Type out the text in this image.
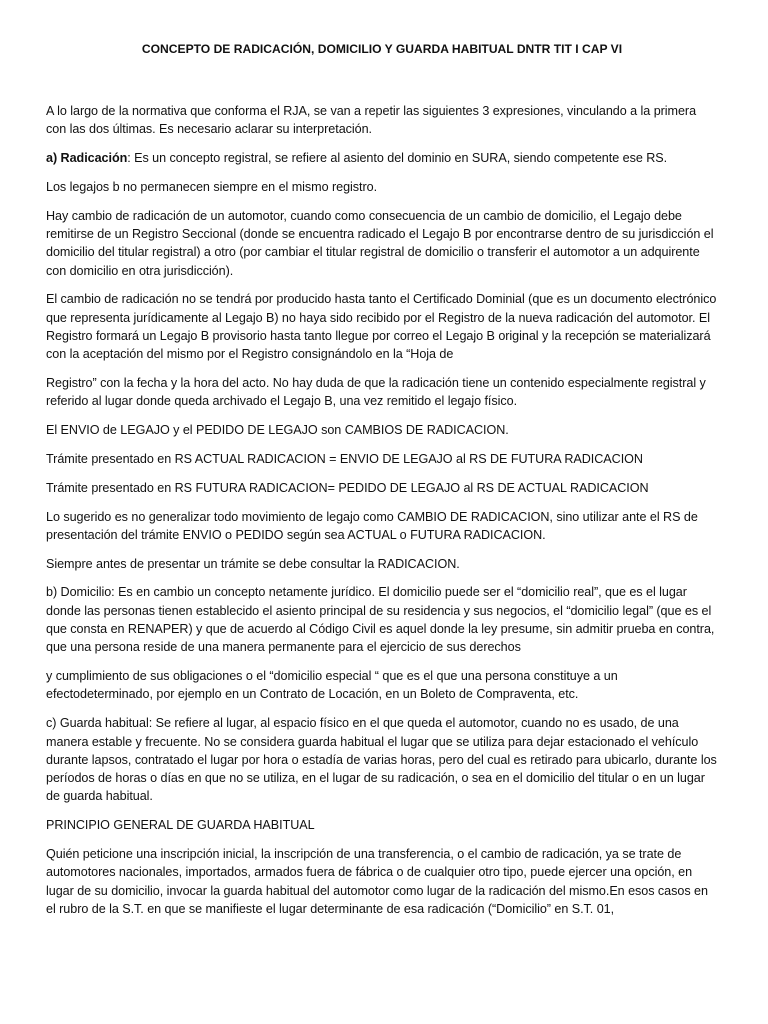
CONCEPTO DE RADICACIÓN, DOMICILIO Y GUARDA HABITUAL DNTR TIT I CAP VI

A lo largo de la normativa que conforma el RJA, se van a repetir las siguientes 3 expresiones, vinculando a la primera con las dos últimas. Es necesario aclarar su interpretación.

a) Radicación: Es un concepto registral, se refiere al asiento del dominio en SURA, siendo competente ese RS.

Los legajos b no permanecen siempre en el mismo registro.

Hay cambio de radicación de un automotor, cuando como consecuencia de un cambio de domicilio, el Legajo debe remitirse de un Registro Seccional (donde se encuentra radicado el Legajo B por encontrarse dentro de su jurisdicción el domicilio del titular registral) a otro (por cambiar el titular registral de domicilio o transferir el automotor a un adquirente con domicilio en otra jurisdicción).

El cambio de radicación no se tendrá por producido hasta tanto el Certificado Dominial (que es un documento electrónico que representa jurídicamente al Legajo B) no haya sido recibido por el Registro de la nueva radicación del automotor. El Registro formará un Legajo B provisorio hasta tanto llegue por correo el Legajo B original y la recepción se materializará con la aceptación del mismo por el Registro consignándolo en la “Hoja de

Registro” con la fecha y la hora del acto. No hay duda de que la radicación tiene un contenido especialmente registral y referido al lugar donde queda archivado el Legajo B, una vez remitido el legajo físico.

El ENVIO de LEGAJO y el PEDIDO DE LEGAJO son CAMBIOS DE RADICACION.

Trámite presentado en RS ACTUAL RADICACION = ENVIO DE LEGAJO al RS DE FUTURA RADICACION

Trámite presentado en RS FUTURA RADICACION= PEDIDO DE LEGAJO al RS DE ACTUAL RADICACION

Lo sugerido es no generalizar todo movimiento de legajo como CAMBIO DE RADICACION, sino utilizar ante el RS de presentación del trámite ENVIO o PEDIDO según sea ACTUAL o FUTURA RADICACION.

Siempre antes de presentar un trámite se debe consultar la RADICACION.

b) Domicilio: Es en cambio un concepto netamente jurídico. El domicilio puede ser el “domicilio real”, que es el lugar donde las personas tienen establecido el asiento principal de su residencia y sus negocios, el “domicilio legal” (que es el que consta en RENAPER) y que de acuerdo al Código Civil es aquel donde la ley presume, sin admitir prueba en contra, que una persona reside de una manera permanente para el ejercicio de sus derechos

y cumplimiento de sus obligaciones o el “domicilio especial “ que es el que una persona constituye a un efectodeterminado, por ejemplo en un Contrato de Locación, en un Boleto de Compraventa, etc.

c) Guarda habitual: Se refiere al lugar, al espacio físico en el que queda el automotor, cuando no es usado, de una manera estable y frecuente. No se considera guarda habitual el lugar que se utiliza para dejar estacionado el vehículo durante lapsos, contratado el lugar por hora o estadía de varias horas, pero del cual es retirado para ubicarlo, durante los períodos de horas o días en que no se utiliza, en el lugar de su radicación, o sea en el domicilio del titular o en un lugar de guarda habitual.

PRINCIPIO GENERAL DE GUARDA HABITUAL

Quién peticione una inscripción inicial, la inscripción de una transferencia, o el cambio de radicación, ya se trate de automotores nacionales, importados, armados fuera de fábrica o de cualquier otro tipo, puede ejercer una opción, en lugar de su domicilio, invocar la guarda habitual del automotor como lugar de la radicación del mismo.En esos casos en el rubro de la S.T. en que se manifieste el lugar determinante de esa radicación (“Domicilio” en S.T. 01,
